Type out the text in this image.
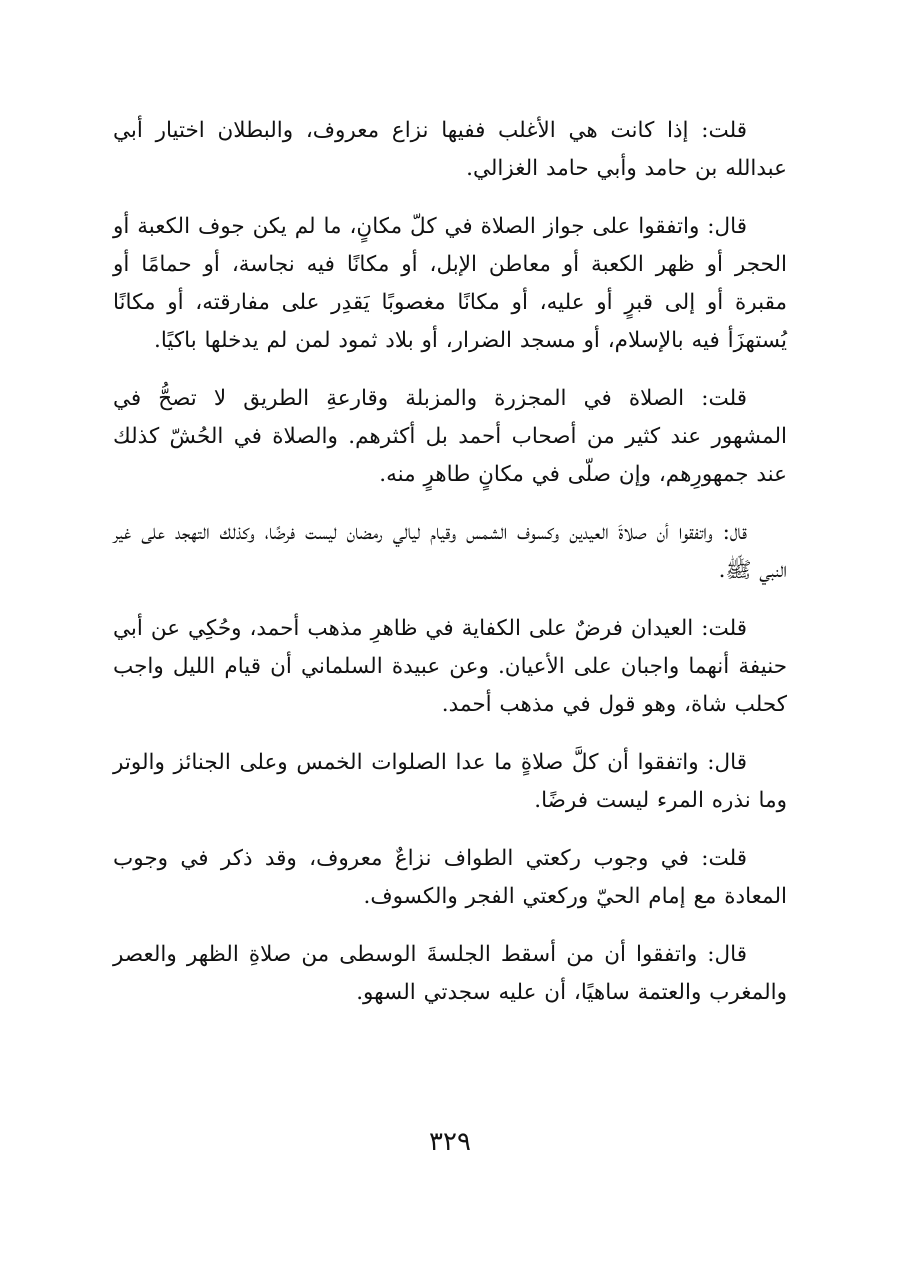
قلت: إذا كانت هي الأغلب ففيها نزاع معروف، والبطلان اختيار أبي عبدالله بن حامد وأبي حامد الغزالي.

قال: واتفقوا على جواز الصلاة في كلّ مكانٍ، ما لم يكن جوف الكعبة أو الحجر أو ظهر الكعبة أو معاطن الإبل، أو مكانًا فيه نجاسة، أو حمامًا أو مقبرة أو إلى قبرٍ أو عليه، أو مكانًا مغصوبًا يَقدِر على مفارقته، أو مكانًا يُستهزَأ فيه بالإسلام، أو مسجد الضرار، أو بلاد ثمود لمن لم يدخلها باكيًا.

قلت: الصلاة في المجزرة والمزبلة وقارعةِ الطريق لا تصحُّ في المشهور عند كثير من أصحاب أحمد بل أكثرهم. والصلاة في الحُشّ كذلك عند جمهورِهم، وإن صلّى في مكانٍ طاهرٍ منه.

قال: واتفقوا أن صلاةَ العيدين وكسوف الشمس وقيام ليالي رمضان ليست فرضًا، وكذلك التهجد على غير النبي ﷺ.

قلت: العيدان فرضٌ على الكفاية في ظاهرِ مذهب أحمد، وحُكِي عن أبي حنيفة أنهما واجبان على الأعيان. وعن عبيدة السلماني أن قيام الليل واجب كحلب شاة، وهو قول في مذهب أحمد.

قال: واتفقوا أن كلَّ صلاةٍ ما عدا الصلوات الخمس وعلى الجنائز والوتر وما نذره المرء ليست فرضًا.

قلت: في وجوب ركعتي الطواف نزاعٌ معروف، وقد ذكر في وجوب المعادة مع إمام الحيّ وركعتي الفجر والكسوف.

قال: واتفقوا أن من أسقط الجلسةَ الوسطى من صلاةِ الظهر والعصر والمغرب والعتمة ساهيًا، أن عليه سجدتي السهو.

٣٢٩
